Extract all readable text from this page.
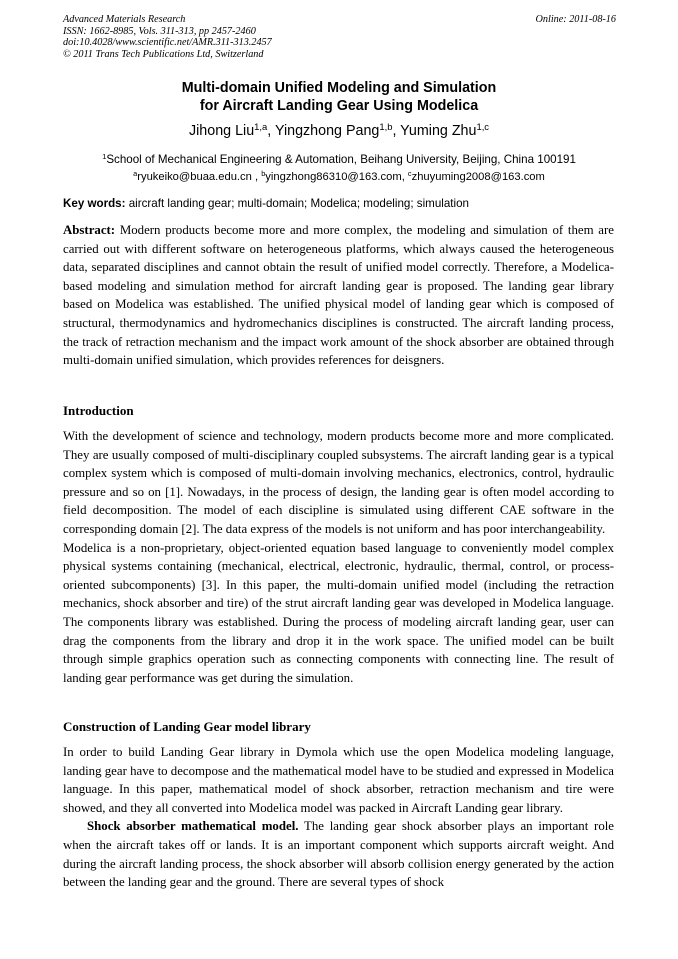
Advanced Materials Research
ISSN: 1662-8985, Vols. 311-313, pp 2457-2460
doi:10.4028/www.scientific.net/AMR.311-313.2457
© 2011 Trans Tech Publications Ltd, Switzerland
Online: 2011-08-16
Multi-domain Unified Modeling and Simulation
for Aircraft Landing Gear Using Modelica
Jihong Liu$^{1,a}$, Yingzhong Pang$^{1,b}$, Yuming Zhu$^{1,c}$
$^1$School of Mechanical Engineering & Automation, Beihang University, Beijing, China 100191
$^a$ryukeiko@buaa.edu.cn , $^b$yingzhong86310@163.com, $^c$zhuyuming2008@163.com
Key words: aircraft landing gear; multi-domain; Modelica; modeling; simulation

Abstract: Modern products become more and more complex, the modeling and simulation of them are carried out with different software on heterogeneous platforms, which always caused the heterogeneous data, separated disciplines and cannot obtain the result of unified model correctly. Therefore, a Modelica-based modeling and simulation method for aircraft landing gear is proposed. The landing gear library based on Modelica was established. The unified physical model of landing gear which is composed of structural, thermodynamics and hydromechanics disciplines is constructed. The aircraft landing process, the track of retraction mechanism and the impact work amount of the shock absorber are obtained through multi-domain unified simulation, which provides references for deisgners.

Introduction

With the development of science and technology, modern products become more and more complicated. They are usually composed of multi-disciplinary coupled subsystems. The aircraft landing gear is a typical complex system which is composed of multi-domain involving mechanics, electronics, control, hydraulic pressure and so on [1]. Nowadays, in the process of design, the landing gear is often model according to field decomposition. The model of each discipline is simulated using different CAE software in the corresponding domain [2]. The data express of the models is not uniform and has poor interchangeability.

Modelica is a non-proprietary, object-oriented equation based language to conveniently model complex physical systems containing (mechanical, electrical, electronic, hydraulic, thermal, control, or process-oriented subcomponents) [3]. In this paper, the multi-domain unified model (including the retraction mechanics, shock absorber and tire) of the strut aircraft landing gear was developed in Modelica language. The components library was established. During the process of modeling aircraft landing gear, user can drag the components from the library and drop it in the work space. The unified model can be built through simple graphics operation such as connecting components with connecting line. The result of landing gear performance was get during the simulation.

Construction of Landing Gear model library

In order to build Landing Gear library in Dymola which use the open Modelica modeling language, landing gear have to decompose and the mathematical model have to be studied and expressed in Modelica language. In this paper, mathematical model of shock absorber, retraction mechanism and tire were showed, and they all converted into Modelica model was packed in Aircraft Landing gear library.

Shock absorber mathematical model. The landing gear shock absorber plays an important role when the aircraft takes off or lands. It is an important component which supports aircraft weight. And during the aircraft landing process, the shock absorber will absorb collision energy generated by the action between the landing gear and the ground. There are several types of shock
